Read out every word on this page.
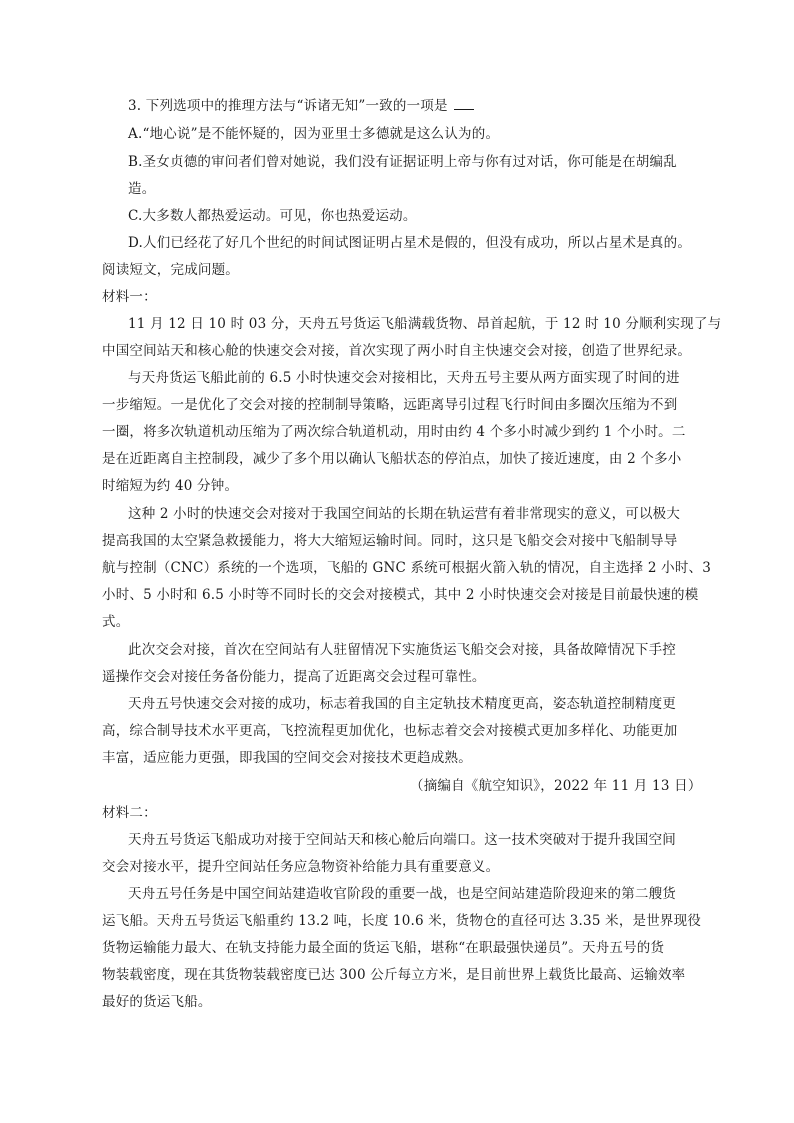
3. 下列选项中的推理方法与“诉诸无知”一致的一项是
A.“地心说”是不能怀疑的，因为亚里士多德就是这么认为的。
B.圣女贞德的审问者们曾对她说，我们没有证据证明上帝与你有过对话，你可能是在胡编乱
造。
C.大多数人都热爱运动。可见，你也热爱运动。
D.人们已经花了好几个世纪的时间试图证明占星术是假的，但没有成功，所以占星术是真的。
阅读短文，完成问题。
材料一：
11 月 12 日 10 时 03 分，天舟五号货运飞船满载货物、昂首起航，于 12 时 10 分顺利实现了与
中国空间站天和核心舱的快速交会对接，首次实现了两小时自主快速交会对接，创造了世界纪录。
与天舟货运飞船此前的 6.5 小时快速交会对接相比，天舟五号主要从两方面实现了时间的进
一步缩短。一是优化了交会对接的控制制导策略，远距离导引过程飞行时间由多圈次压缩为不到
一圈，将多次轨道机动压缩为了两次综合轨道机动，用时由约 4 个多小时减少到约 1 个小时。二
是在近距离自主控制段，减少了多个用以确认飞船状态的停泊点，加快了接近速度，由 2 个多小
时缩短为约 40 分钟。
这种 2 小时的快速交会对接对于我国空间站的长期在轨运营有着非常现实的意义，可以极大
提高我国的太空紧急救援能力，将大大缩短运输时间。同时，这只是飞船交会对接中飞船制导导
航与控制（CNC）系统的一个选项，飞船的 GNC 系统可根据火箭入轨的情况，自主选择 2 小时、3
小时、5 小时和 6.5 小时等不同时长的交会对接模式，其中 2 小时快速交会对接是目前最快速的模
式。
此次交会对接，首次在空间站有人驻留情况下实施货运飞船交会对接，具备故障情况下手控
遥操作交会对接任务备份能力，提高了近距离交会过程可靠性。
天舟五号快速交会对接的成功，标志着我国的自主定轨技术精度更高，姿态轨道控制精度更
高，综合制导技术水平更高，飞控流程更加优化，也标志着交会对接模式更加多样化、功能更加
丰富，适应能力更强，即我国的空间交会对接技术更趋成熟。
（摘编自《航空知识》，2022 年 11 月 13 日）
材料二：
天舟五号货运飞船成功对接于空间站天和核心舱后向端口。这一技术突破对于提升我国空间
交会对接水平，提升空间站任务应急物资补给能力具有重要意义。
天舟五号任务是中国空间站建造收官阶段的重要一战，也是空间站建造阶段迎来的第二艘货
运飞船。天舟五号货运飞船重约 13.2 吨，长度 10.6 米，货物仓的直径可达 3.35 米，是世界现役
货物运输能力最大、在轨支持能力最全面的货运飞船，堪称“在职最强快递员”。天舟五号的货
物装载密度，现在其货物装载密度已达 300 公斤每立方米，是目前世界上载货比最高、运输效率
最好的货运飞船。
